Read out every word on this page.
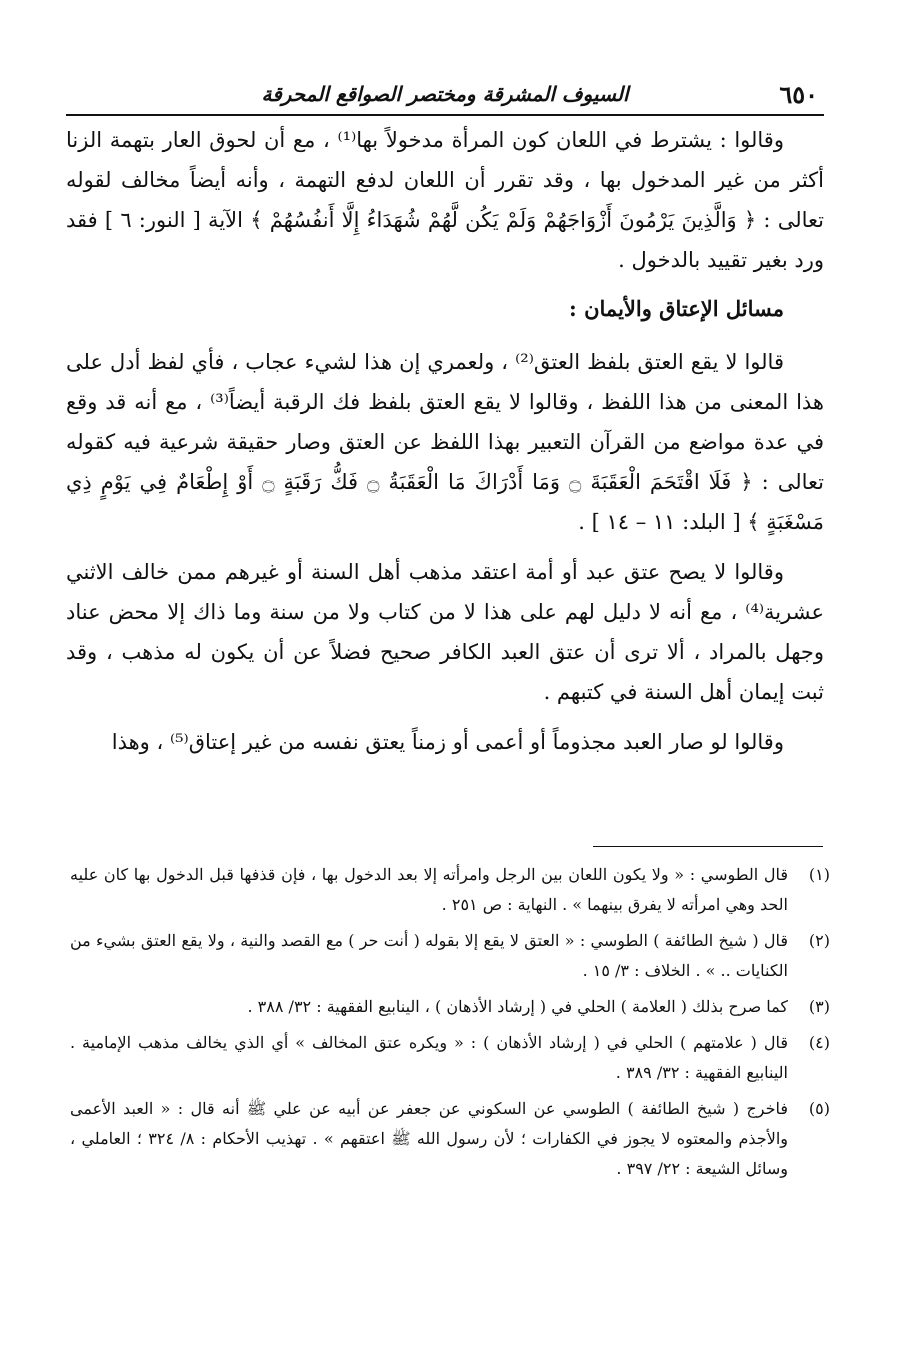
٦٥٠
السيوف المشرقة ومختصر الصواقع المحرقة

وقالوا : يشترط في اللعان كون المرأة مدخولاً بها⁽¹⁾ ، مع أن لحوق العار بتهمة الزنا أكثر من غير المدخول بها ، وقد تقرر أن اللعان لدفع التهمة ، وأنه أيضاً مخالف لقوله تعالى : ﴿ وَالَّذِينَ يَرْمُونَ أَزْوَاجَهُمْ وَلَمْ يَكُن لَّهُمْ شُهَدَاءُ إِلَّا أَنفُسُهُمْ ﴾ الآية [ النور: ٦ ] فقد ورد بغير تقييد بالدخول .

مسائل الإعتاق والأيمان :

قالوا لا يقع العتق بلفظ العتق⁽²⁾ ، ولعمري إن هذا لشيء عجاب ، فأي لفظ أدل على هذا المعنى من هذا اللفظ ، وقالوا لا يقع العتق بلفظ فك الرقبة أيضاً⁽³⁾ ، مع أنه قد وقع في عدة مواضع من القرآن التعبير بهذا اللفظ عن العتق وصار حقيقة شرعية فيه كقوله تعالى : ﴿ فَلَا اقْتَحَمَ الْعَقَبَةَ ۝ وَمَا أَدْرَاكَ مَا الْعَقَبَةُ ۝ فَكُّ رَقَبَةٍ ۝ أَوْ إِطْعَامٌ فِي يَوْمٍ ذِي مَسْغَبَةٍ ﴾ [ البلد: ١١ – ١٤ ] .

وقالوا لا يصح عتق عبد أو أمة اعتقد مذهب أهل السنة أو غيرهم ممن خالف الاثني عشرية⁽⁴⁾ ، مع أنه لا دليل لهم على هذا لا من كتاب ولا من سنة وما ذاك إلا محض عناد وجهل بالمراد ، ألا ترى أن عتق العبد الكافر صحيح فضلاً عن أن يكون له مذهب ، وقد ثبت إيمان أهل السنة في كتبهم .

وقالوا لو صار العبد مجذوماً أو أعمى أو زمناً يعتق نفسه من غير إعتاق⁽⁵⁾ ، وهذا

(١)
قال الطوسي : « ولا يكون اللعان بين الرجل وامرأته إلا بعد الدخول بها ، فإن قذفها قبل الدخول بها كان عليه الحد وهي امرأته لا يفرق بينهما » . النهاية : ص ٢٥١ .
(٢)
قال ( شيخ الطائفة ) الطوسي : « العتق لا يقع إلا بقوله ( أنت حر ) مع القصد والنية ، ولا يقع العتق بشيء من الكنايات .. » . الخلاف : ٣/ ١٥ .
(٣)
كما صرح بذلك ( العلامة ) الحلي في ( إرشاد الأذهان ) ، الينابيع الفقهية : ٣٢/ ٣٨٨ .
(٤)
قال ( علامتهم ) الحلي في ( إرشاد الأذهان ) : « ويكره عتق المخالف » أي الذي يخالف مذهب الإمامية . الينابيع الفقهية : ٣٢/ ٣٨٩ .
(٥)
فاخرج ( شيخ الطائفة ) الطوسي عن السكوني عن جعفر عن أبيه عن علي ﷺ أنه قال : « العبد الأعمى والأجذم والمعتوه لا يجوز في الكفارات ؛ لأن رسول الله ﷺ اعتقهم » . تهذيب الأحكام : ٨/ ٣٢٤ ؛ العاملي ، وسائل الشيعة : ٢٢/ ٣٩٧ .
